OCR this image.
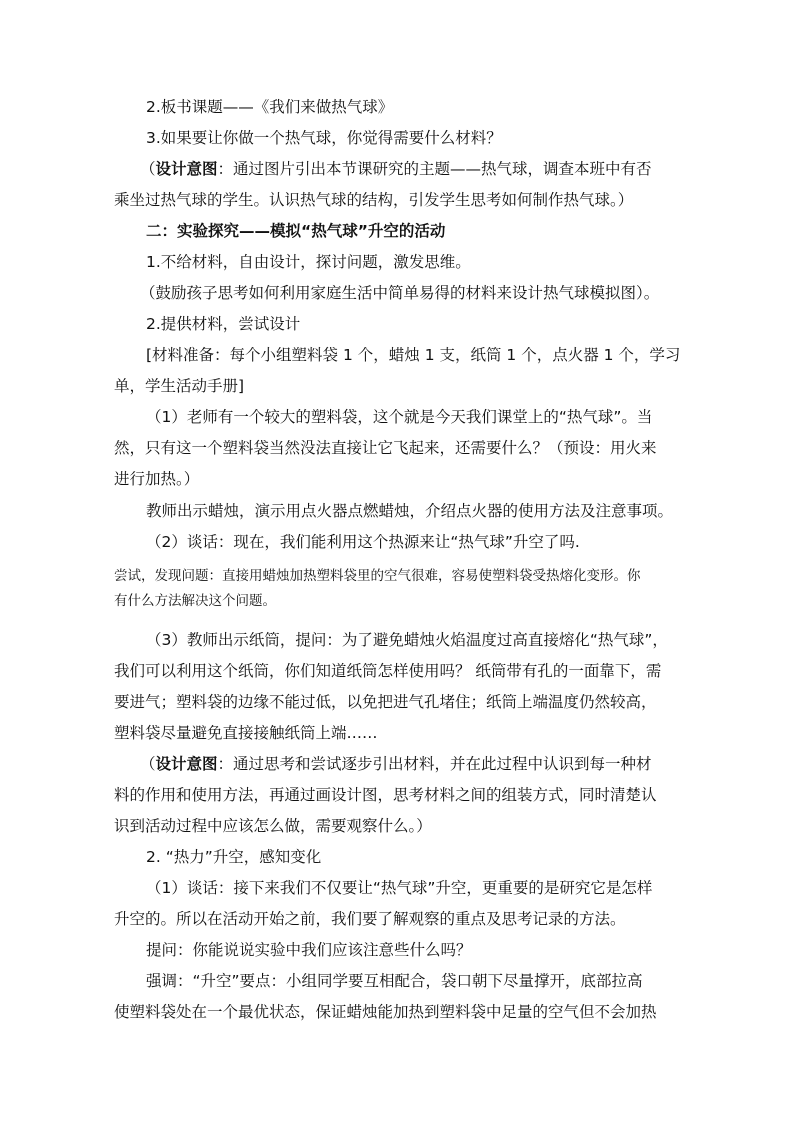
2.板书课题——《我们来做热气球》
3.如果要让你做一个热气球，你觉得需要什么材料？
（设计意图：通过图片引出本节课研究的主题——热气球，调查本班中有否
乘坐过热气球的学生。认识热气球的结构，引发学生思考如何制作热气球。）
二：实验探究——模拟“热气球”升空的活动
1.不给材料，自由设计，探讨问题，激发思维。
（鼓励孩子思考如何利用家庭生活中简单易得的材料来设计热气球模拟图）。
2.提供材料，尝试设计
[材料准备：每个小组塑料袋 1 个，蜡烛 1 支，纸筒 1 个，点火器 1 个，学习
单，学生活动手册]
（1）老师有一个较大的塑料袋，这个就是今天我们课堂上的“热气球”。当
然，只有这一个塑料袋当然没法直接让它飞起来，还需要什么？（预设：用火来
进行加热。）
教师出示蜡烛，演示用点火器点燃蜡烛，介绍点火器的使用方法及注意事项。
（2）谈话：现在，我们能利用这个热源来让“热气球”升空了吗.
尝试，发现问题：直接用蜡烛加热塑料袋里的空气很难，容易使塑料袋受热熔化变形。你
有什么方法解决这个问题。
（3）教师出示纸筒，提问：为了避免蜡烛火焰温度过高直接熔化“热气球”，
我们可以利用这个纸筒，你们知道纸筒怎样使用吗？ 纸筒带有孔的一面靠下，需
要进气；塑料袋的边缘不能过低，以免把进气孔堵住；纸筒上端温度仍然较高，
塑料袋尽量避免直接接触纸筒上端……
（设计意图：通过思考和尝试逐步引出材料，并在此过程中认识到每一种材
料的作用和使用方法，再通过画设计图，思考材料之间的组装方式，同时清楚认
识到活动过程中应该怎么做，需要观察什么。）
2. “热力”升空，感知变化
（1）谈话：接下来我们不仅要让“热气球”升空，更重要的是研究它是怎样
升空的。所以在活动开始之前，我们要了解观察的重点及思考记录的方法。
提问：你能说说实验中我们应该注意些什么吗？
强调：“升空”要点：小组同学要互相配合，袋口朝下尽量撑开，底部拉高
使塑料袋处在一个最优状态，保证蜡烛能加热到塑料袋中足量的空气但不会加热
